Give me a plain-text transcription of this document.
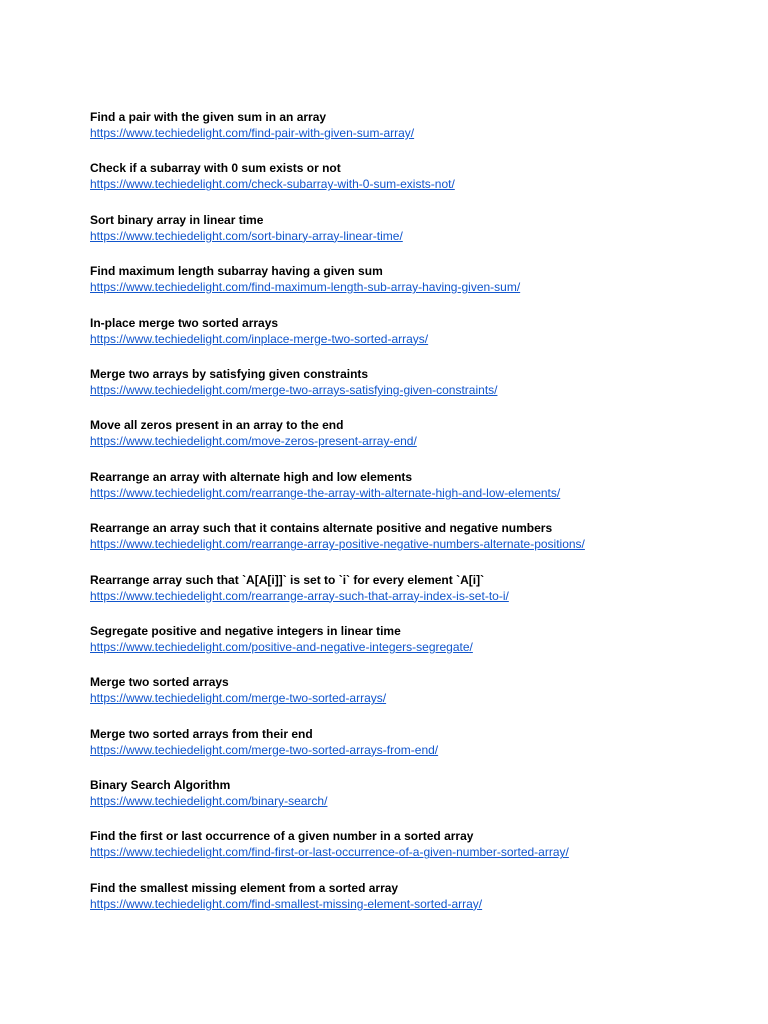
Find a pair with the given sum in an array
https://www.techiedelight.com/find-pair-with-given-sum-array/
Check if a subarray with 0 sum exists or not
https://www.techiedelight.com/check-subarray-with-0-sum-exists-not/
Sort binary array in linear time
https://www.techiedelight.com/sort-binary-array-linear-time/
Find maximum length subarray having a given sum
https://www.techiedelight.com/find-maximum-length-sub-array-having-given-sum/
In-place merge two sorted arrays
https://www.techiedelight.com/inplace-merge-two-sorted-arrays/
Merge two arrays by satisfying given constraints
https://www.techiedelight.com/merge-two-arrays-satisfying-given-constraints/
Move all zeros present in an array to the end
https://www.techiedelight.com/move-zeros-present-array-end/
Rearrange an array with alternate high and low elements
https://www.techiedelight.com/rearrange-the-array-with-alternate-high-and-low-elements/
Rearrange an array such that it contains alternate positive and negative numbers
https://www.techiedelight.com/rearrange-array-positive-negative-numbers-alternate-positions/
Rearrange array such that `A[A[i]]` is set to `i` for every element `A[i]`
https://www.techiedelight.com/rearrange-array-such-that-array-index-is-set-to-i/
Segregate positive and negative integers in linear time
https://www.techiedelight.com/positive-and-negative-integers-segregate/
Merge two sorted arrays
https://www.techiedelight.com/merge-two-sorted-arrays/
Merge two sorted arrays from their end
https://www.techiedelight.com/merge-two-sorted-arrays-from-end/
Binary Search Algorithm
https://www.techiedelight.com/binary-search/
Find the first or last occurrence of a given number in a sorted array
https://www.techiedelight.com/find-first-or-last-occurrence-of-a-given-number-sorted-array/
Find the smallest missing element from a sorted array
https://www.techiedelight.com/find-smallest-missing-element-sorted-array/
